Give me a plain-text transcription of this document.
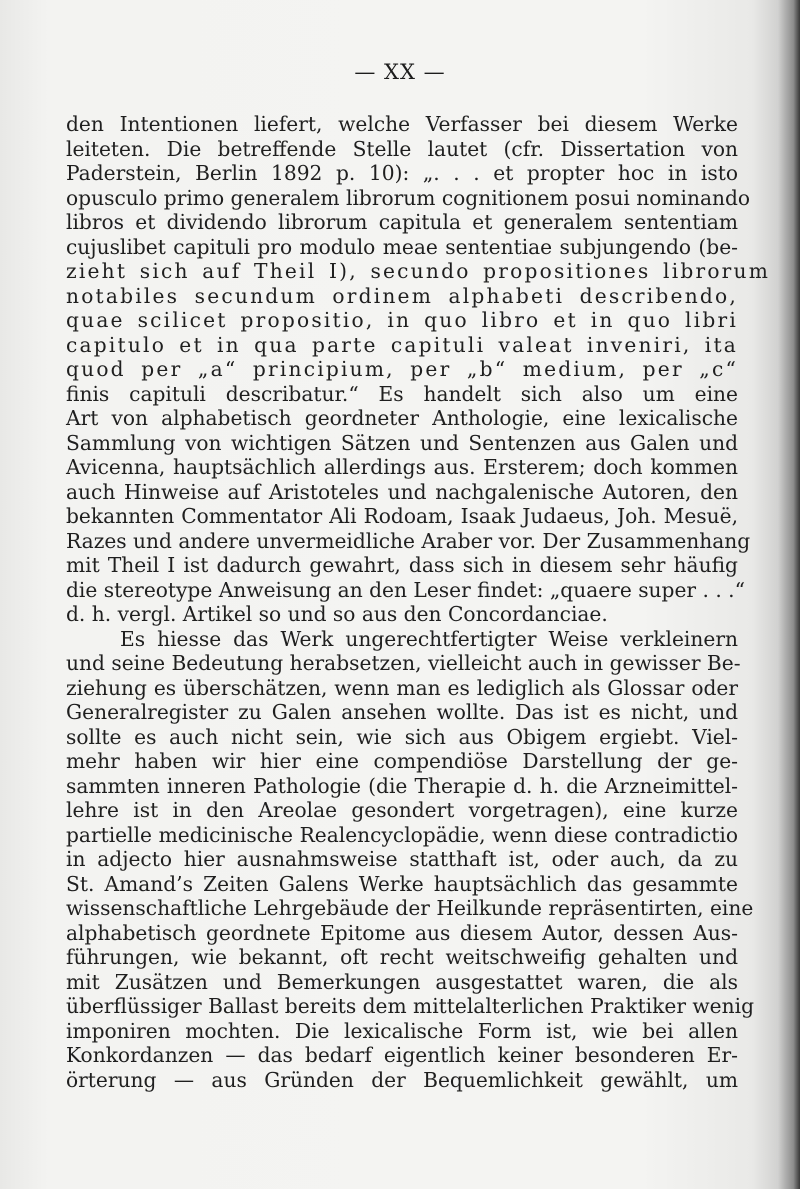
— XX —
den Intentionen liefert, welche Verfasser bei diesem Werke
leiteten. Die betreffende Stelle lautet (cfr. Dissertation von
Paderstein, Berlin 1892 p. 10): „. . . et propter hoc in isto
opusculo primo generalem librorum cognitionem posui nominando
libros et dividendo librorum capitula et generalem sententiam
cujuslibet capituli pro modulo meae sententiae subjungendo (be-
zieht sich auf Theil I), secundo propositiones librorum
notabiles secundum ordinem alphabeti describendo,
quae scilicet propositio, in quo libro et in quo libri
capitulo et in qua parte capituli valeat inveniri, ita
quod per „a“ principium, per „b“ medium, per „c“
finis capituli describatur.“ Es handelt sich also um eine
Art von alphabetisch geordneter Anthologie, eine lexicalische
Sammlung von wichtigen Sätzen und Sentenzen aus Galen und
Avicenna, hauptsächlich allerdings aus. Ersterem; doch kommen
auch Hinweise auf Aristoteles und nachgalenische Autoren, den
bekannten Commentator Ali Rodoam, Isaak Judaeus, Joh. Mesuë,
Razes und andere unvermeidliche Araber vor. Der Zusammenhang
mit Theil I ist dadurch gewahrt, dass sich in diesem sehr häufig
die stereotype Anweisung an den Leser findet: „quaere super . . .“
d. h. vergl. Artikel so und so aus den Concordanciae.
Es hiesse das Werk ungerechtfertigter Weise verkleinern
und seine Bedeutung herabsetzen, vielleicht auch in gewisser Be-
ziehung es überschätzen, wenn man es lediglich als Glossar oder
Generalregister zu Galen ansehen wollte. Das ist es nicht, und
sollte es auch nicht sein, wie sich aus Obigem ergiebt. Viel-
mehr haben wir hier eine compendiöse Darstellung der ge-
sammten inneren Pathologie (die Therapie d. h. die Arzneimittel-
lehre ist in den Areolae gesondert vorgetragen), eine kurze
partielle medicinische Realencyclopädie, wenn diese contradictio
in adjecto hier ausnahmsweise statthaft ist, oder auch, da zu
St. Amand’s Zeiten Galens Werke hauptsächlich das gesammte
wissenschaftliche Lehrgebäude der Heilkunde repräsentirten, eine
alphabetisch geordnete Epitome aus diesem Autor, dessen Aus-
führungen, wie bekannt, oft recht weitschweifig gehalten und
mit Zusätzen und Bemerkungen ausgestattet waren, die als
überflüssiger Ballast bereits dem mittelalterlichen Praktiker wenig
imponiren mochten. Die lexicalische Form ist, wie bei allen
Konkordanzen — das bedarf eigentlich keiner besonderen Er-
örterung — aus Gründen der Bequemlichkeit gewählt, um
